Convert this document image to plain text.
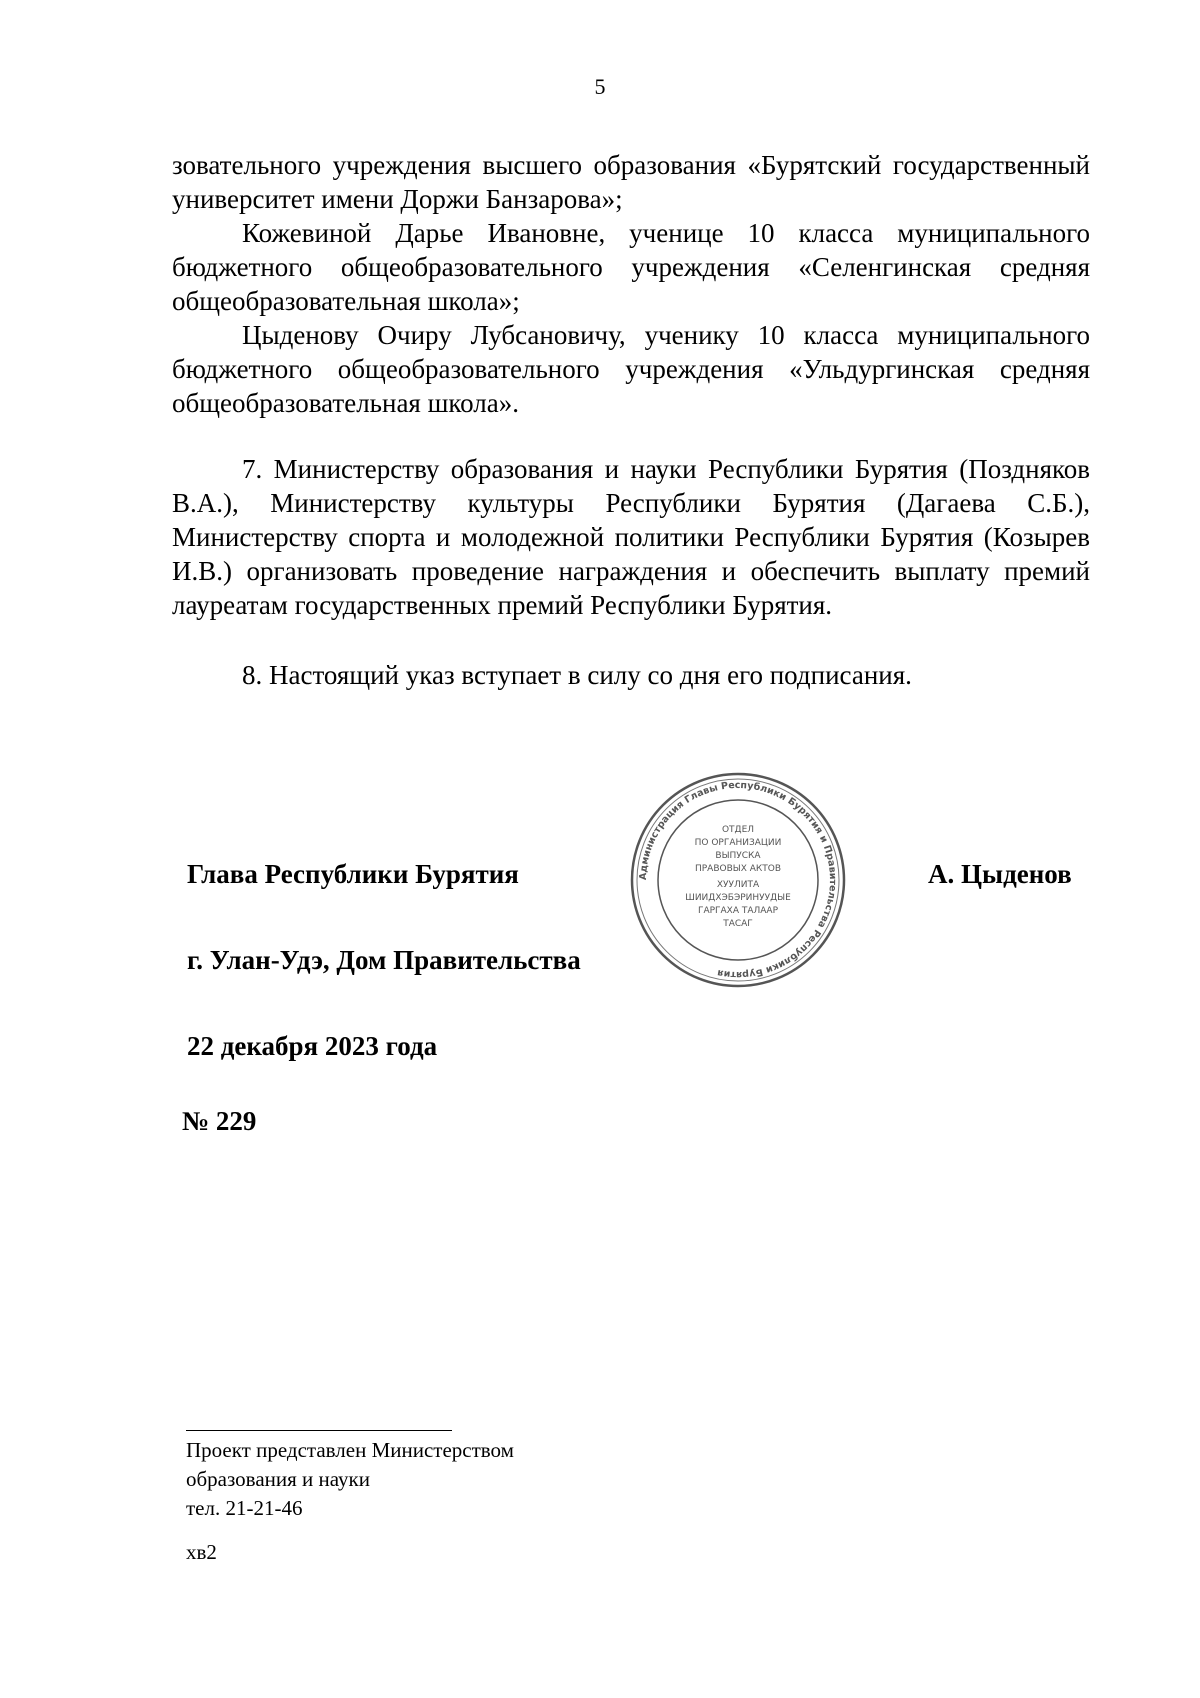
5

зовательного учреждения высшего образования «Бурятский государственный университет имени Доржи Банзарова»;

Кожевиной Дарье Ивановне, ученице 10 класса муниципального бюджетного общеобразовательного учреждения «Селенгинская средняя общеобразовательная школа»;

Цыденову Очиру Лубсановичу, ученику 10 класса муниципального бюджетного общеобразовательного учреждения «Ульдургинская средняя общеобразовательная школа».

7. Министерству образования и науки Республики Бурятия (Поздняков В.А.), Министерству культуры Республики Бурятия (Дагаева С.Б.), Министерству спорта и молодежной политики Республики Бурятия (Козырев И.В.) организовать проведение награждения и обеспечить выплату премий лауреатам государственных премий Республики Бурятия.

8. Настоящий указ вступает в силу со дня его подписания.

Глава Республики Бурятия	А. Цыденов
г. Улан-Удэ, Дом Правительства
22 декабря 2023 года
№ 229
Администрация Главы Республики Бурятия и Правительства Республики Бурятия
ОТДЕЛ
ПО ОРГАНИЗАЦИИ
ВЫПУСКА
ПРАВОВЫХ АКТОВ
ХУУЛИТА
ШИИДХЭБЭРИНУУДЫЕ
ГАРГАХА ТАЛААР
ТАСАГ
Проект представлен Министерством
образования и науки
тел. 21-21-46
хв2
